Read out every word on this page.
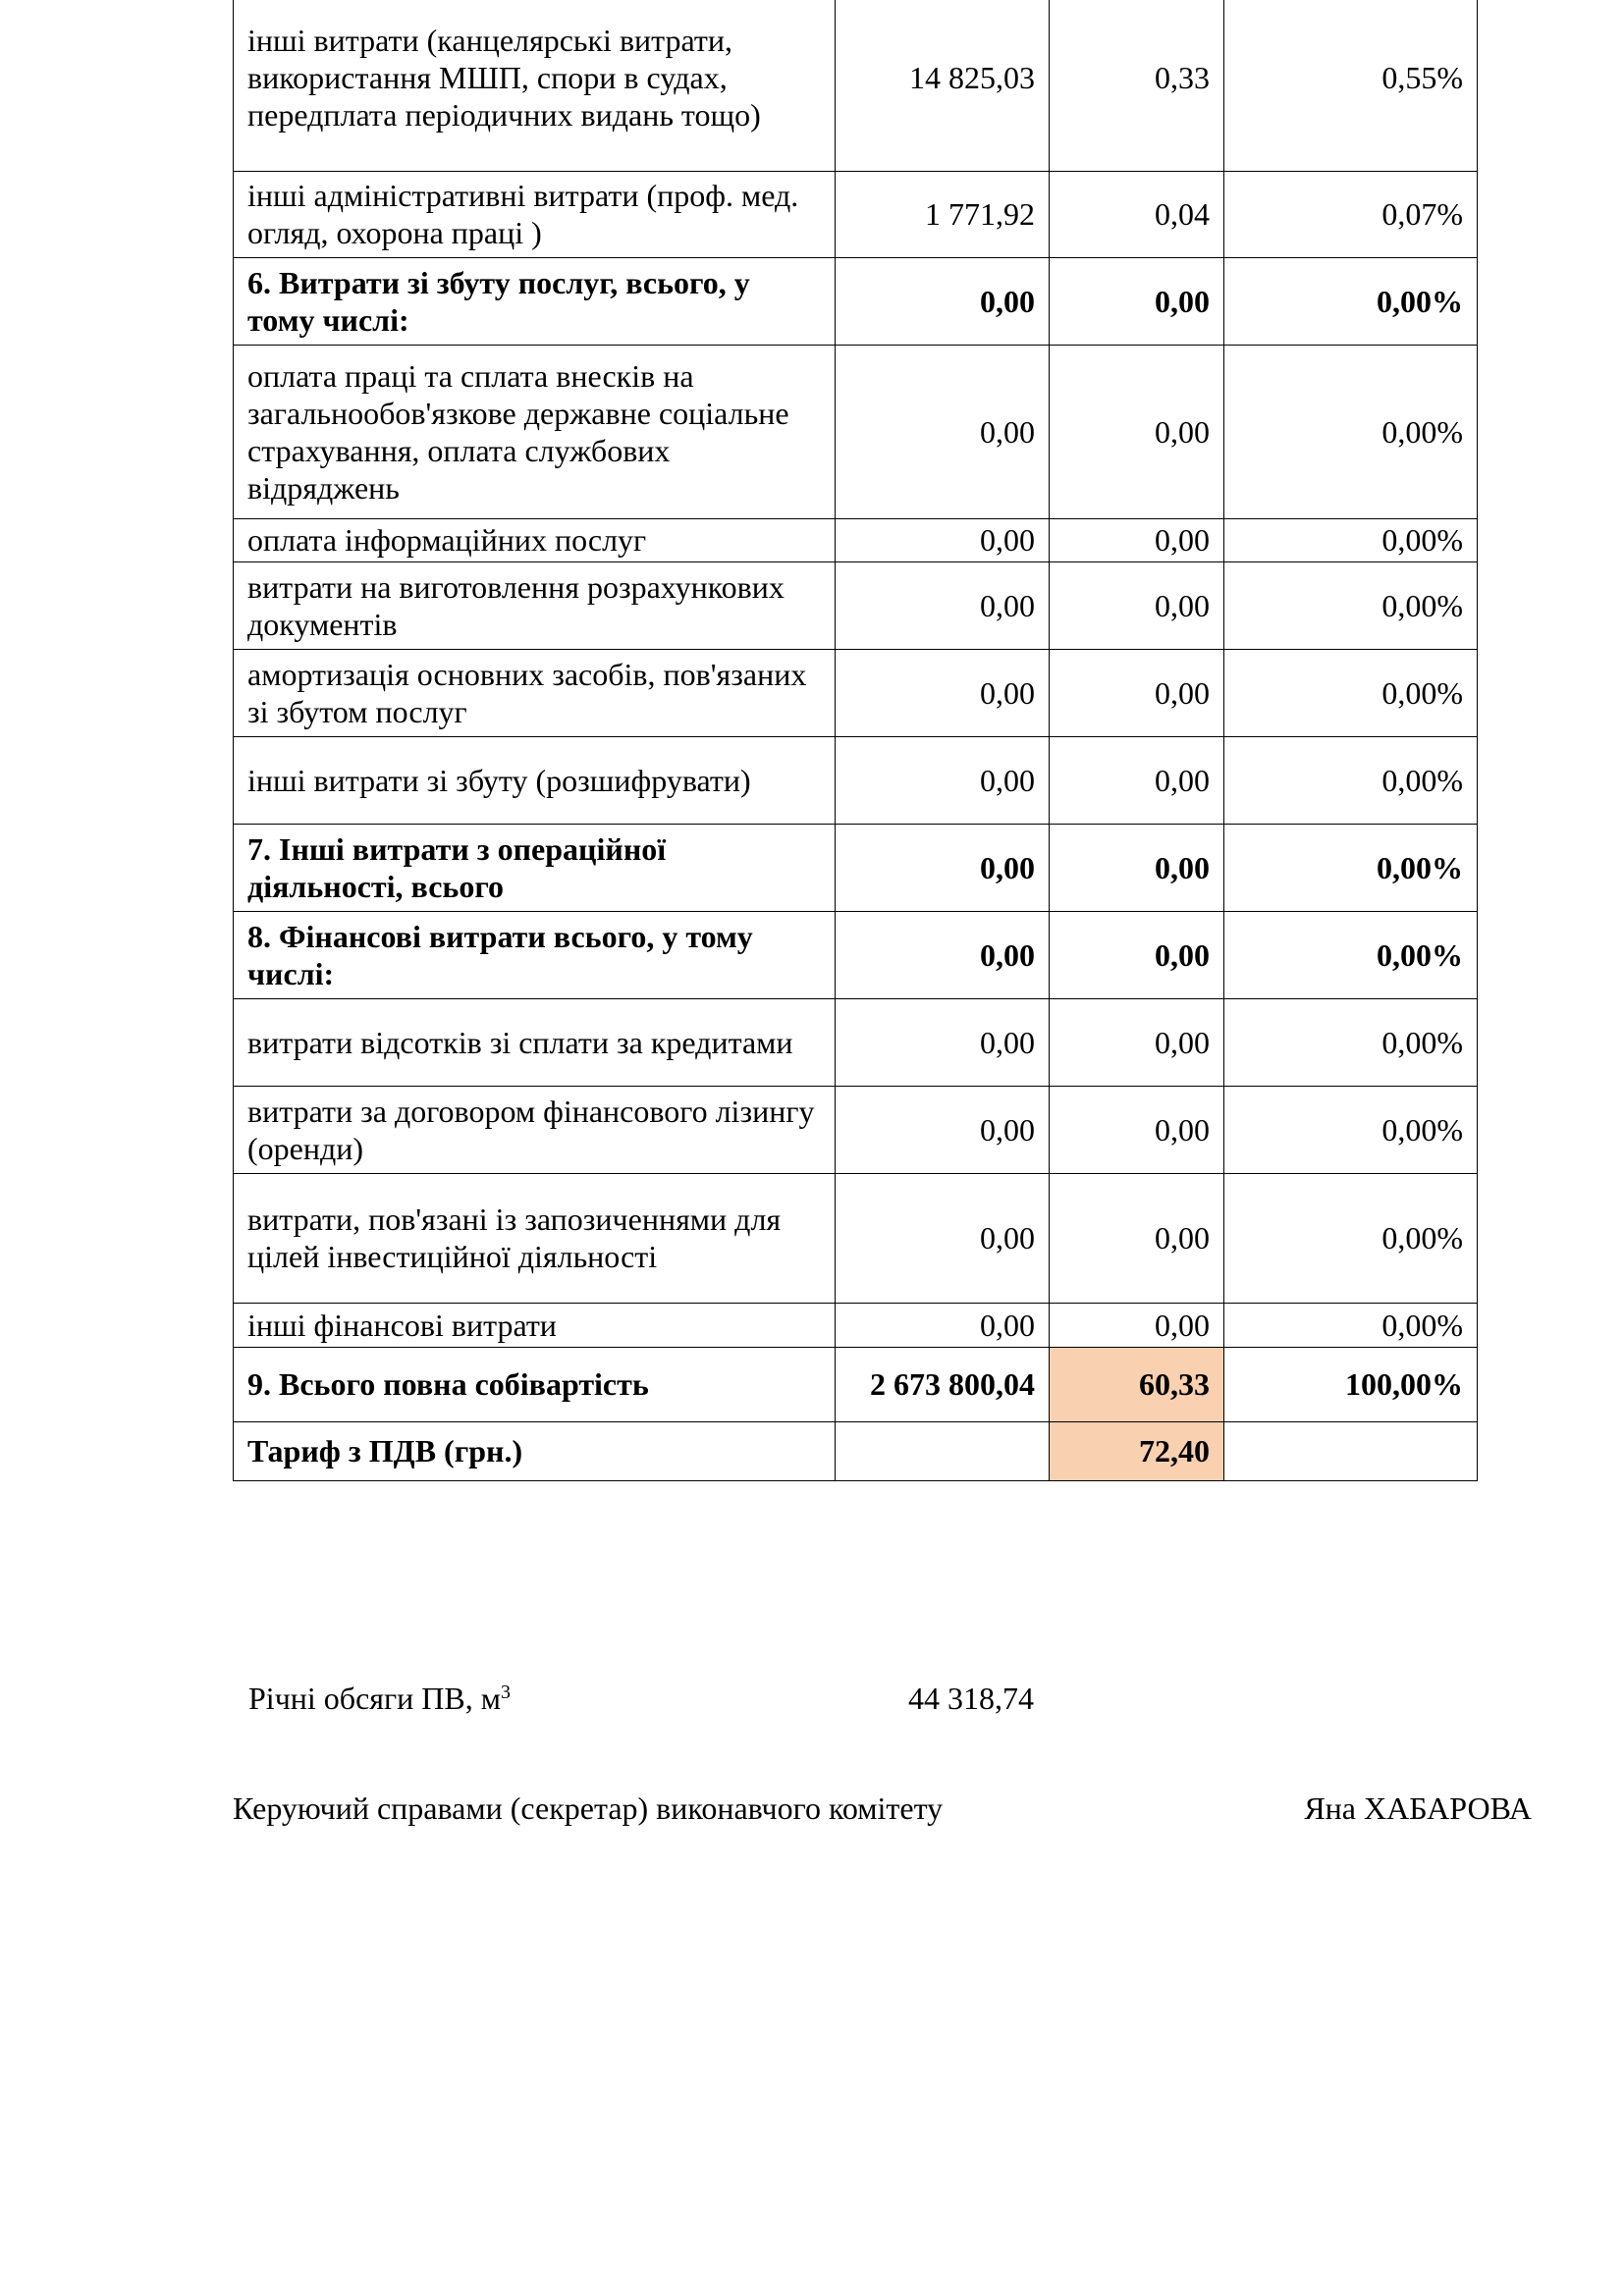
інші витрати (канцелярські витрати, використання МШП, спори в судах, передплата періодичних видань тощо)	14 825,03	0,33	0,55%
інші адміністративні витрати (проф. мед. огляд, охорона праці )	1 771,92	0,04	0,07%
6. Витрати зі збуту послуг, всього, у тому числі:	0,00	0,00	0,00%
оплата праці та сплата внесків на загальнообов'язкове державне соціальне страхування, оплата службових відряджень	0,00	0,00	0,00%
оплата інформаційних послуг	0,00	0,00	0,00%
витрати на виготовлення розрахункових документів	0,00	0,00	0,00%
амортизація основних засобів, пов'язаних зі збутом послуг	0,00	0,00	0,00%
інші витрати зі збуту (розшифрувати)	0,00	0,00	0,00%
7. Інші витрати з операційної діяльності, всього	0,00	0,00	0,00%
8. Фінансові витрати всього, у тому числі:	0,00	0,00	0,00%
витрати відсотків зі сплати за кредитами	0,00	0,00	0,00%
витрати за договором фінансового лізингу (оренди)	0,00	0,00	0,00%
витрати, пов'язані із запозиченнями для цілей інвестиційної діяльності	0,00	0,00	0,00%
інші фінансові витрати	0,00	0,00	0,00%
9. Всього повна собівартість	2 673 800,04	60,33	100,00%
Тариф з ПДВ (грн.)		72,40	
Річні обсяги ПВ, $м^3$	44 318,74
Керуючий справами (секретар) виконавчого комітету	Яна ХАБАРОВА
